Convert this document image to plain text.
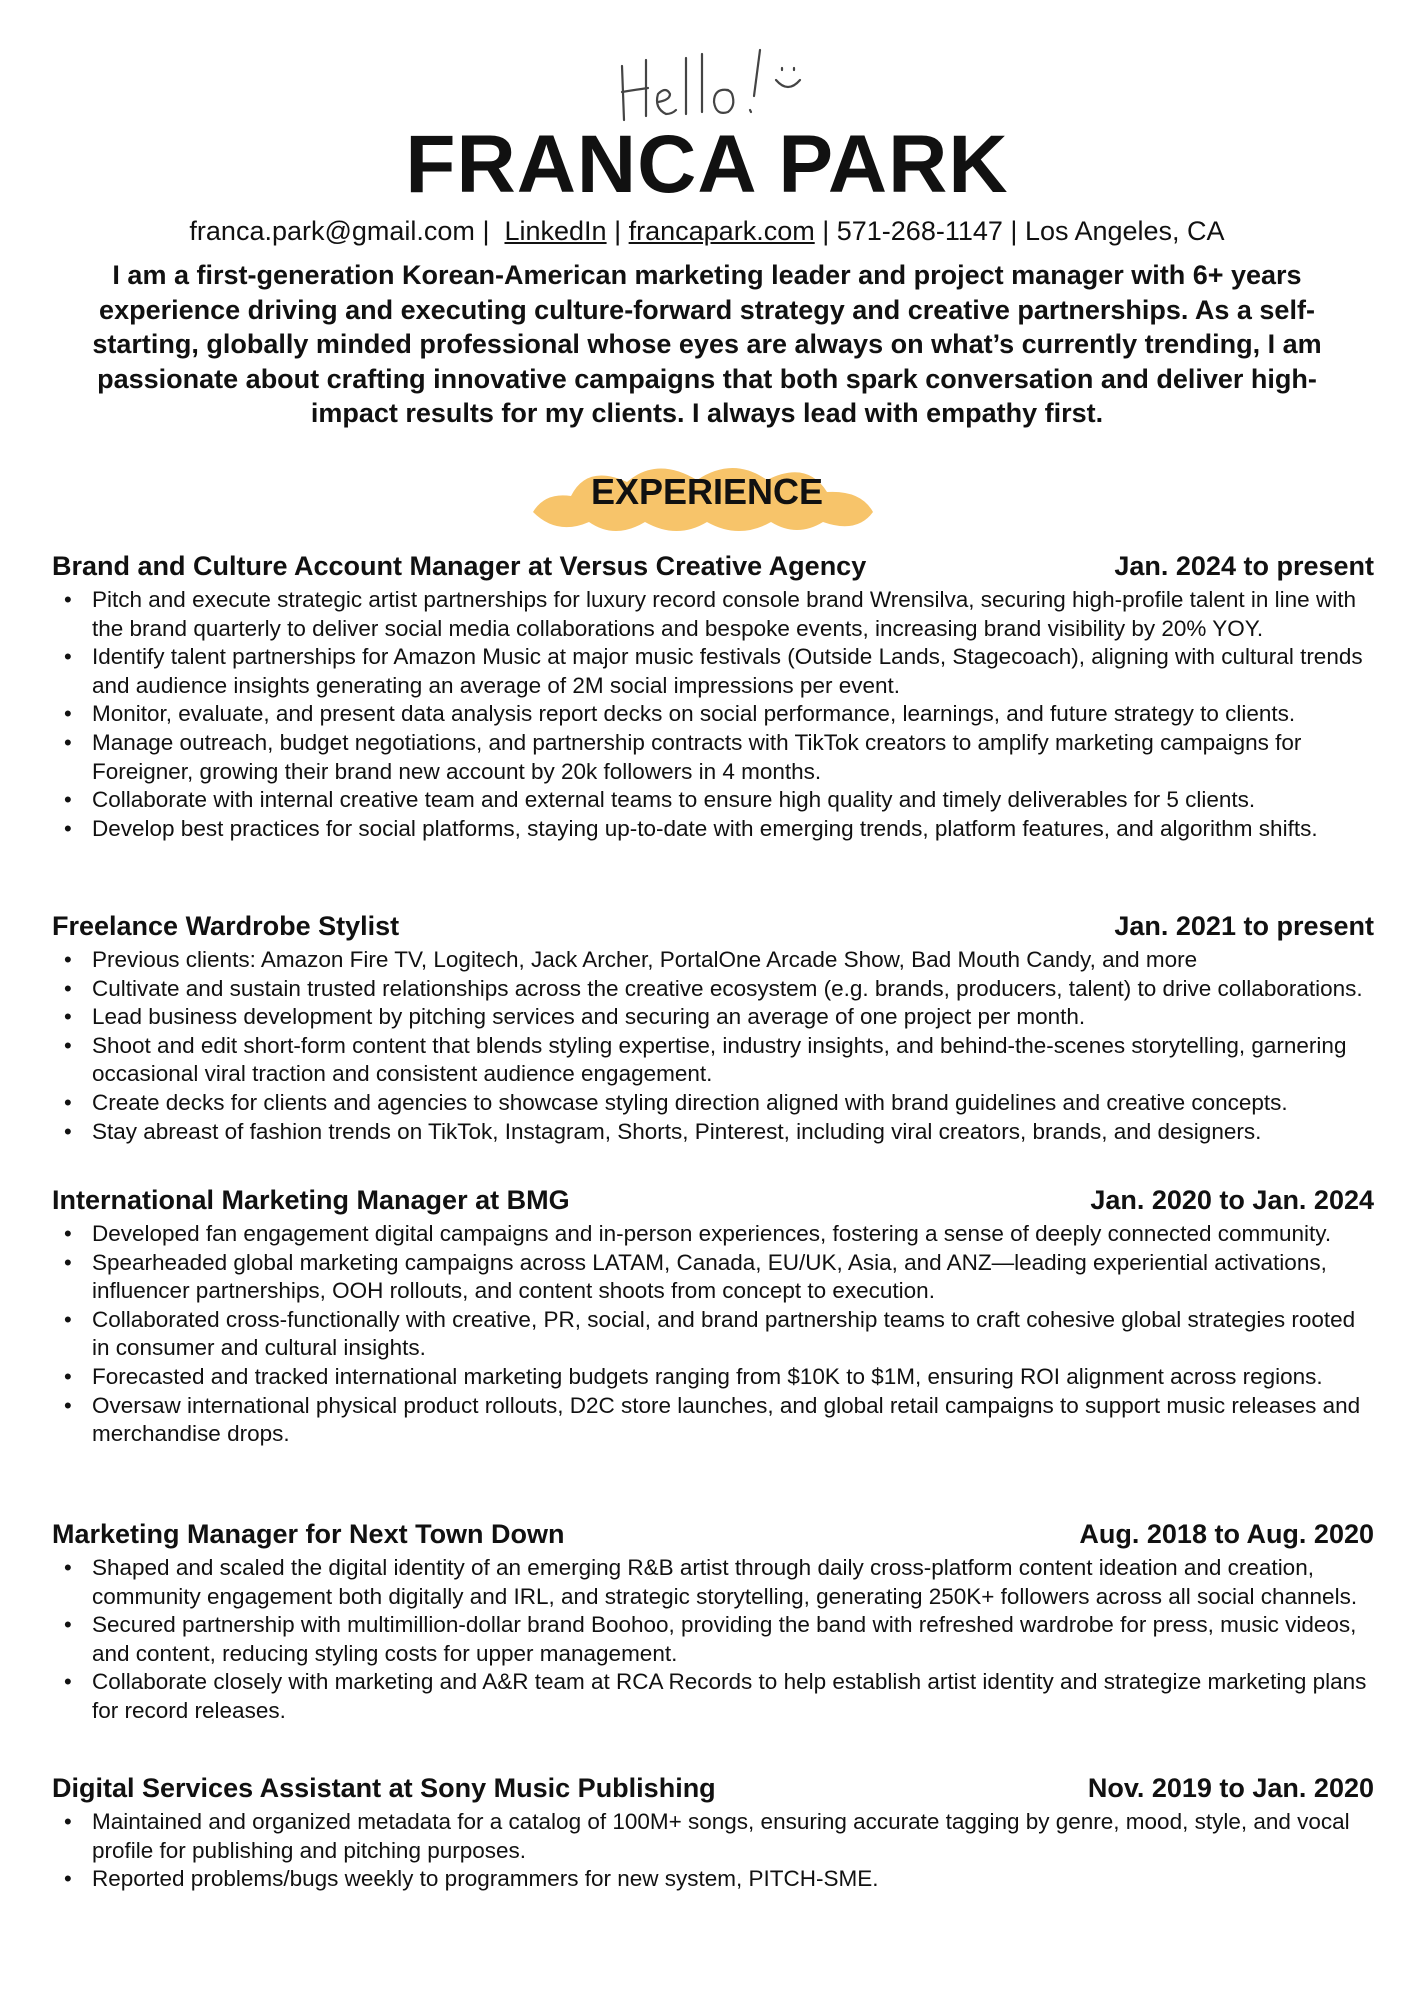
FRANCA PARK
franca.park@gmail.com | LinkedIn | francapark.com | 571-268-1147 | Los Angeles, CA
I am a first-generation Korean-American marketing leader and project manager with 6+ years experience driving and executing culture-forward strategy and creative partnerships. As a self-starting, globally minded professional whose eyes are always on what’s currently trending, I am passionate about crafting innovative campaigns that both spark conversation and deliver high-impact results for my clients. I always lead with empathy first.
EXPERIENCE
Brand and Culture Account Manager at Versus Creative Agency	Jan. 2024 to present
• Pitch and execute strategic artist partnerships for luxury record console brand Wrensilva, securing high-profile talent in line with the brand quarterly to deliver social media collaborations and bespoke events, increasing brand visibility by 20% YOY.
• Identify talent partnerships for Amazon Music at major music festivals (Outside Lands, Stagecoach), aligning with cultural trends and audience insights generating an average of 2M social impressions per event.
• Monitor, evaluate, and present data analysis report decks on social performance, learnings, and future strategy to clients.
• Manage outreach, budget negotiations, and partnership contracts with TikTok creators to amplify marketing campaigns for Foreigner, growing their brand new account by 20k followers in 4 months.
• Collaborate with internal creative team and external teams to ensure high quality and timely deliverables for 5 clients.
• Develop best practices for social platforms, staying up-to-date with emerging trends, platform features, and algorithm shifts.
Freelance Wardrobe Stylist	Jan. 2021 to present
• Previous clients: Amazon Fire TV, Logitech, Jack Archer, PortalOne Arcade Show, Bad Mouth Candy, and more
• Cultivate and sustain trusted relationships across the creative ecosystem (e.g. brands, producers, talent) to drive collaborations.
• Lead business development by pitching services and securing an average of one project per month.
• Shoot and edit short-form content that blends styling expertise, industry insights, and behind-the-scenes storytelling, garnering occasional viral traction and consistent audience engagement.
• Create decks for clients and agencies to showcase styling direction aligned with brand guidelines and creative concepts.
• Stay abreast of fashion trends on TikTok, Instagram, Shorts, Pinterest, including viral creators, brands, and designers.
International Marketing Manager at BMG	Jan. 2020 to Jan. 2024
• Developed fan engagement digital campaigns and in-person experiences, fostering a sense of deeply connected community.
• Spearheaded global marketing campaigns across LATAM, Canada, EU/UK, Asia, and ANZ—leading experiential activations, influencer partnerships, OOH rollouts, and content shoots from concept to execution.
• Collaborated cross-functionally with creative, PR, social, and brand partnership teams to craft cohesive global strategies rooted in consumer and cultural insights.
• Forecasted and tracked international marketing budgets ranging from $10K to $1M, ensuring ROI alignment across regions.
• Oversaw international physical product rollouts, D2C store launches, and global retail campaigns to support music releases and merchandise drops.
Marketing Manager for Next Town Down	Aug. 2018 to Aug. 2020
• Shaped and scaled the digital identity of an emerging R&B artist through daily cross-platform content ideation and creation, community engagement both digitally and IRL, and strategic storytelling, generating 250K+ followers across all social channels.
• Secured partnership with multimillion-dollar brand Boohoo, providing the band with refreshed wardrobe for press, music videos, and content, reducing styling costs for upper management.
• Collaborate closely with marketing and A&R team at RCA Records to help establish artist identity and strategize marketing plans for record releases.
Digital Services Assistant at Sony Music Publishing	Nov. 2019 to Jan. 2020
• Maintained and organized metadata for a catalog of 100M+ songs, ensuring accurate tagging by genre, mood, style, and vocal profile for publishing and pitching purposes.
• Reported problems/bugs weekly to programmers for new system, PITCH-SME.
